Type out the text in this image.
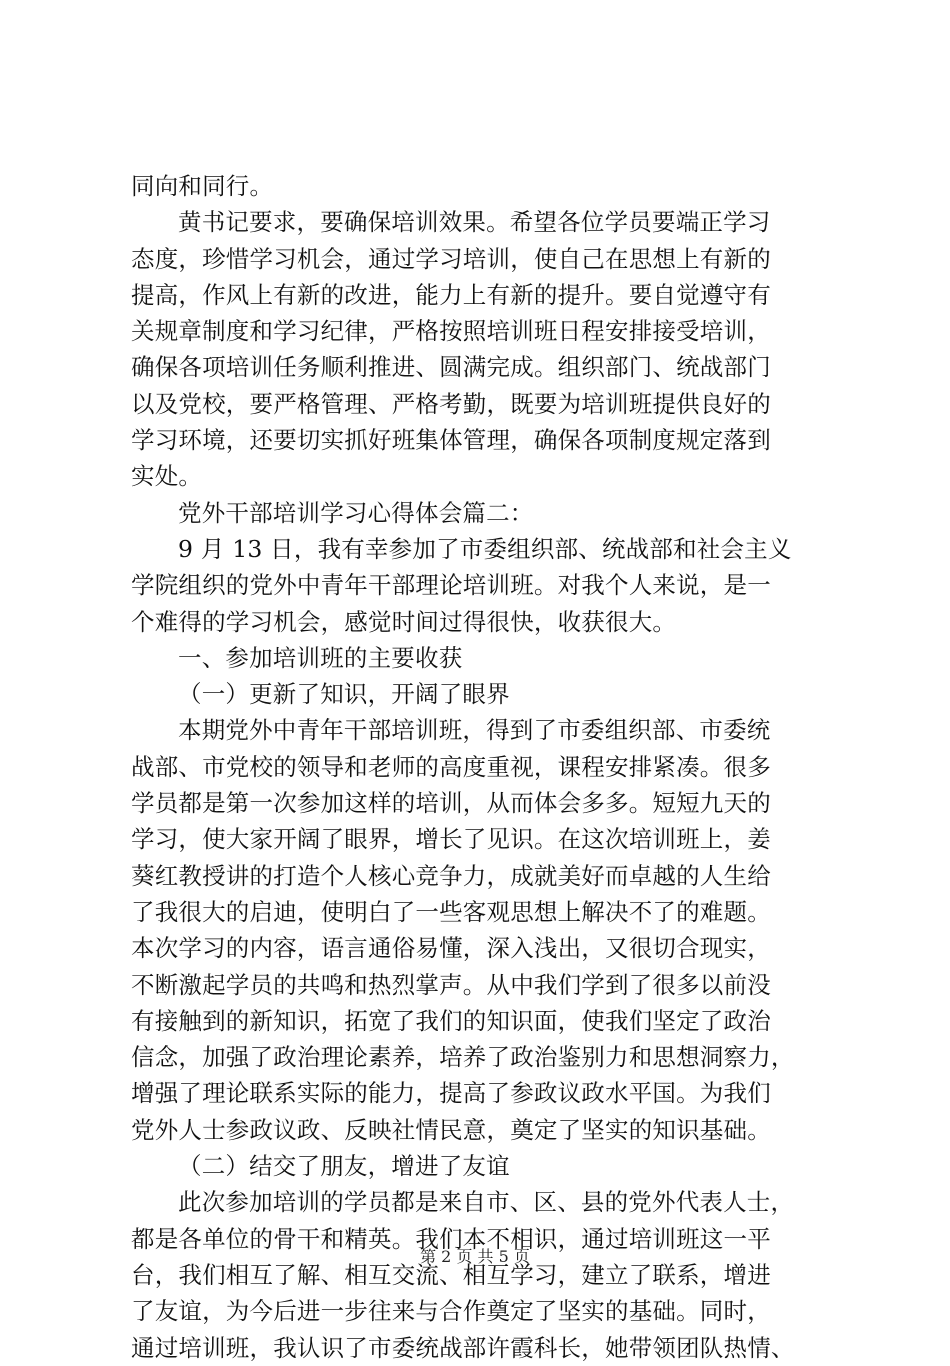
同向和同行。
黄书记要求，要确保培训效果。希望各位学员要端正学习
态度，珍惜学习机会，通过学习培训，使自己在思想上有新的
提高，作风上有新的改进，能力上有新的提升。要自觉遵守有
关规章制度和学习纪律，严格按照培训班日程安排接受培训，
确保各项培训任务顺利推进、圆满完成。组织部门、统战部门
以及党校，要严格管理、严格考勤，既要为培训班提供良好的
学习环境，还要切实抓好班集体管理，确保各项制度规定落到
实处。
党外干部培训学习心得体会篇二：
9 月 13 日，我有幸参加了市委组织部、统战部和社会主义
学院组织的党外中青年干部理论培训班。对我个人来说，是一
个难得的学习机会，感觉时间过得很快，收获很大。
一、参加培训班的主要收获
（一）更新了知识，开阔了眼界
本期党外中青年干部培训班，得到了市委组织部、市委统
战部、市党校的领导和老师的高度重视，课程安排紧凑。很多
学员都是第一次参加这样的培训，从而体会多多。短短九天的
学习，使大家开阔了眼界，增长了见识。在这次培训班上，姜
葵红教授讲的打造个人核心竞争力，成就美好而卓越的人生给
了我很大的启迪，使明白了一些客观思想上解决不了的难题。
本次学习的内容，语言通俗易懂，深入浅出，又很切合现实，
不断激起学员的共鸣和热烈掌声。从中我们学到了很多以前没
有接触到的新知识，拓宽了我们的知识面，使我们坚定了政治
信念，加强了政治理论素养，培养了政治鉴别力和思想洞察力，
增强了理论联系实际的能力，提高了参政议政水平国。为我们
党外人士参政议政、反映社情民意，奠定了坚实的知识基础。
（二）结交了朋友，增进了友谊
此次参加培训的学员都是来自市、区、县的党外代表人士，
都是各单位的骨干和精英。我们本不相识，通过培训班这一平
台，我们相互了解、相互交流、相互学习，建立了联系，增进
了友谊，为今后进一步往来与合作奠定了坚实的基础。同时，
通过培训班，我认识了市委统战部许霞科长，她带领团队热情、
第 2 页 共 5 页
